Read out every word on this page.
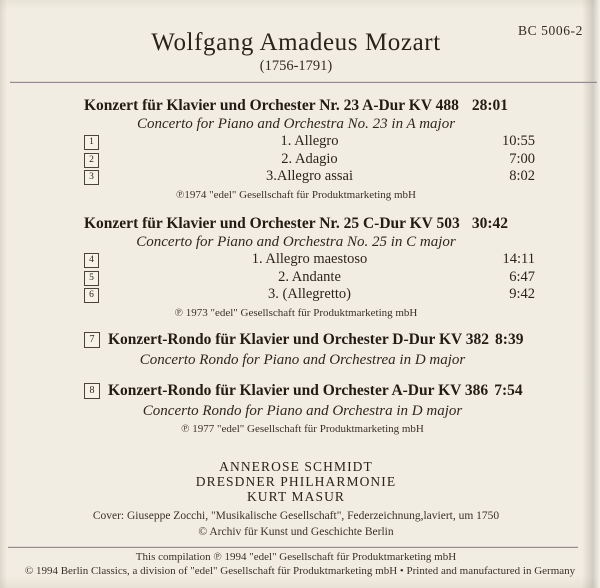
BC 5006-2
Wolfgang Amadeus Mozart
(1756-1791)
Konzert für Klavier und Orchester Nr. 23 A-Dur KV 488 28:01
Concerto for Piano and Orchestra No. 23 in A major
1	1. Allegro	10:55
2	2. Adagio	7:00
3	3.Allegro assai	8:02
℗1974 "edel" Gesellschaft für Produktmarketing mbH
Konzert für Klavier und Orchester Nr. 25 C-Dur KV 503 30:42
Concerto for Piano and Orchestra No. 25 in C major
4	1. Allegro maestoso	14:11
5	2. Andante	6:47
6	3. (Allegretto)	9:42
℗ 1973 "edel" Gesellschaft für Produktmarketing mbH
7 Konzert-Rondo für Klavier und Orchester D-Dur KV 382 8:39
Concerto Rondo for Piano and Orchestrea in D major
8 Konzert-Rondo für Klavier und Orchester A-Dur KV 386 7:54
Concerto Rondo for Piano and Orchestra in D major
℗ 1977 "edel" Gesellschaft für Produktmarketing mbH
ANNEROSE SCHMIDT
DRESDNER PHILHARMONIE
KURT MASUR
Cover: Giuseppe Zocchi, "Musikalische Gesellschaft", Federzeichnung,laviert, um 1750
© Archiv für Kunst und Geschichte Berlin
This compilation ℗ 1994 "edel" Gesellschaft für Produktmarketing mbH
© 1994 Berlin Classics, a division of "edel" Gesellschaft für Produktmarketing mbH • Printed and manufactured in Germany
